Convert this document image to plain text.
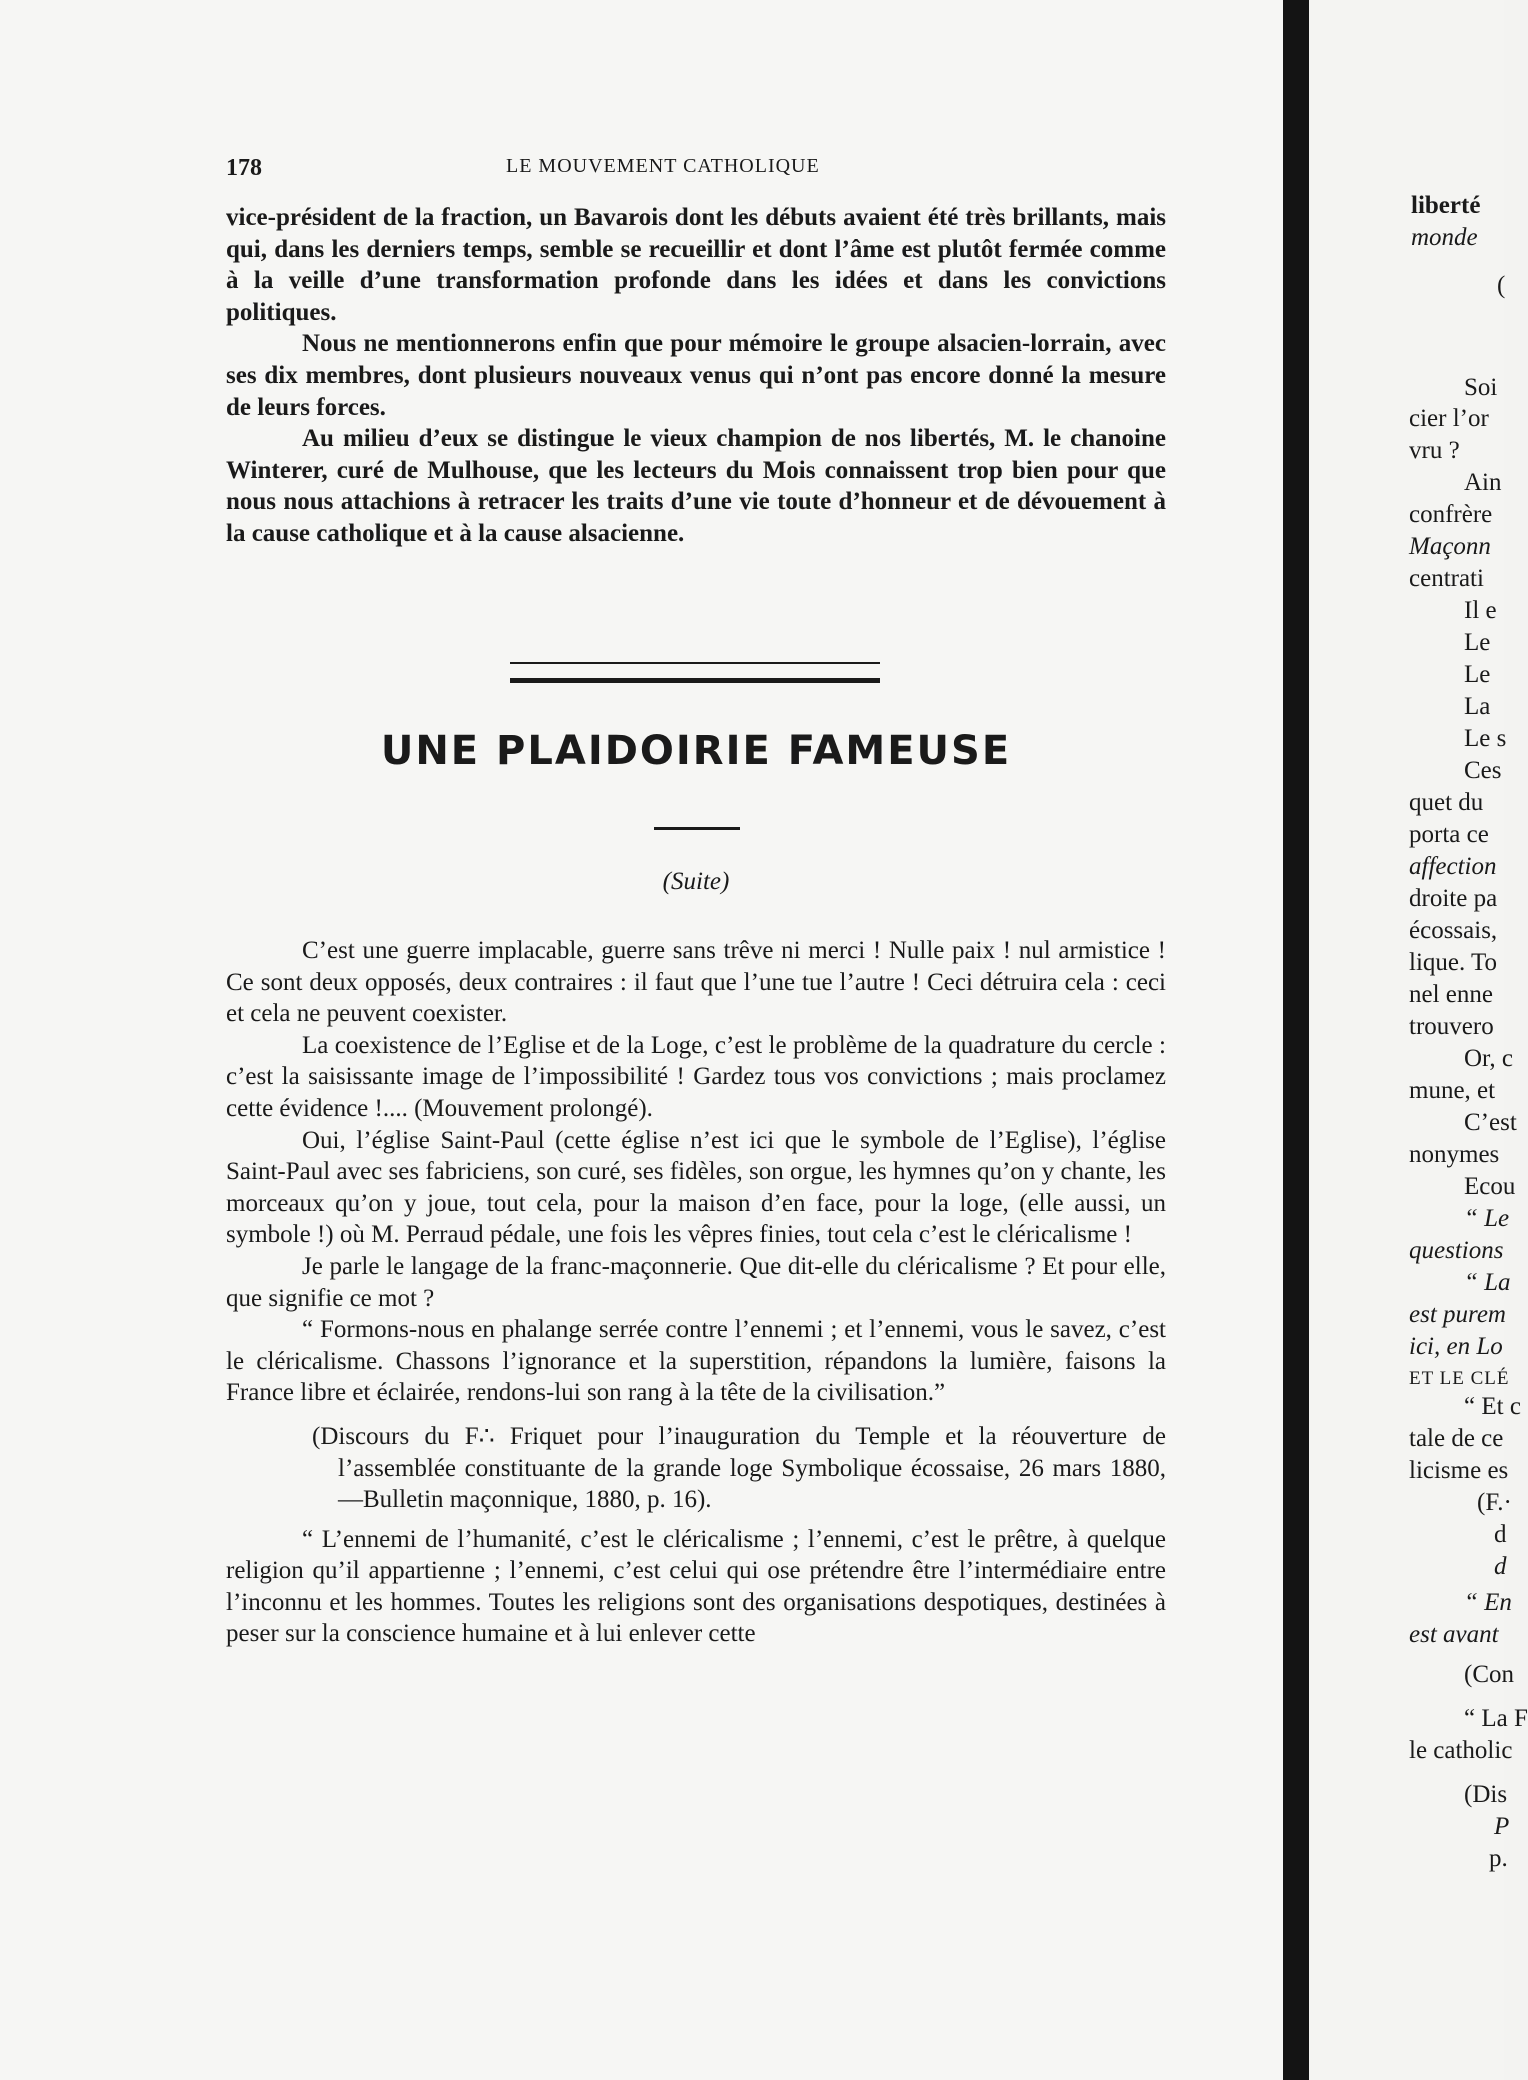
178	LE MOUVEMENT CATHOLIQUE

vice-président de la fraction, un Bavarois dont les débuts avaient été très brillants, mais qui, dans les derniers temps, semble se recueillir et dont l’âme est plutôt fermée comme à la veille d’une transformation profonde dans les idées et dans les convictions politiques.

Nous ne mentionnerons enfin que pour mémoire le groupe alsacien-lorrain, avec ses dix membres, dont plusieurs nouveaux venus qui n’ont pas encore donné la mesure de leurs forces.

Au milieu d’eux se distingue le vieux champion de nos libertés, M. le chanoine Winterer, curé de Mulhouse, que les lecteurs du Mois connaissent trop bien pour que nous nous attachions à retracer les traits d’une vie toute d’honneur et de dévouement à la cause catholique et à la cause alsacienne.

UNE PLAIDOIRIE FAMEUSE
(Suite)

C’est une guerre implacable, guerre sans trêve ni merci ! Nulle paix ! nul armistice ! Ce sont deux opposés, deux contraires : il faut que l’une tue l’autre ! Ceci détruira cela : ceci et cela ne peuvent coexister.

La coexistence de l’Eglise et de la Loge, c’est le problème de la quadrature du cercle : c’est la saisissante image de l’impossibilité ! Gardez tous vos convictions ; mais proclamez cette évidence !.... (Mouvement prolongé).

Oui, l’église Saint-Paul (cette église n’est ici que le symbole de l’Eglise), l’église Saint-Paul avec ses fabriciens, son curé, ses fidèles, son orgue, les hymnes qu’on y chante, les morceaux qu’on y joue, tout cela, pour la maison d’en face, pour la loge, (elle aussi, un symbole !) où M. Perraud pédale, une fois les vêpres finies, tout cela c’est le cléricalisme !

Je parle le langage de la franc-maçonnerie. Que dit-elle du cléricalisme ? Et pour elle, que signifie ce mot ?

“ Formons-nous en phalange serrée contre l’ennemi ; et l’ennemi, vous le savez, c’est le cléricalisme. Chassons l’ignorance et la superstition, répandons la lumière, faisons la France libre et éclairée, rendons-lui son rang à la tête de la civilisation.”

(Discours du F∴ Friquet pour l’inauguration du Temple et la réouverture de l’assemblée constituante de la grande loge Symbolique écossaise, 26 mars 1880,—Bulletin maçonnique, 1880, p. 16).

“ L’ennemi de l’humanité, c’est le cléricalisme ; l’ennemi, c’est le prêtre, à quelque religion qu’il appartienne ; l’ennemi, c’est celui qui ose prétendre être l’intermédiaire entre l’inconnu et les hommes. Toutes les religions sont des organisations despotiques, destinées à peser sur la conscience humaine et à lui enlever cette

liberté
monde
(
Soi
cier l’or
vru ?
Ain
confrère
Maçonn
centrati
Il e
Le
Le
La
Le s
Ces
quet du
porta ce
affection
droite pa
écossais,
lique. To
nel enne
trouvero
Or, c
mune, et
C’est
nonymes
Ecou
“ Le
questions
“ La
est purem
ici, en Lo
ET LE CLÉ
“ Et c
tale de ce
licisme es
(F.·
d
d
“ En
est avant
(Con
“ La F
le catholic
(Dis
P
p.
